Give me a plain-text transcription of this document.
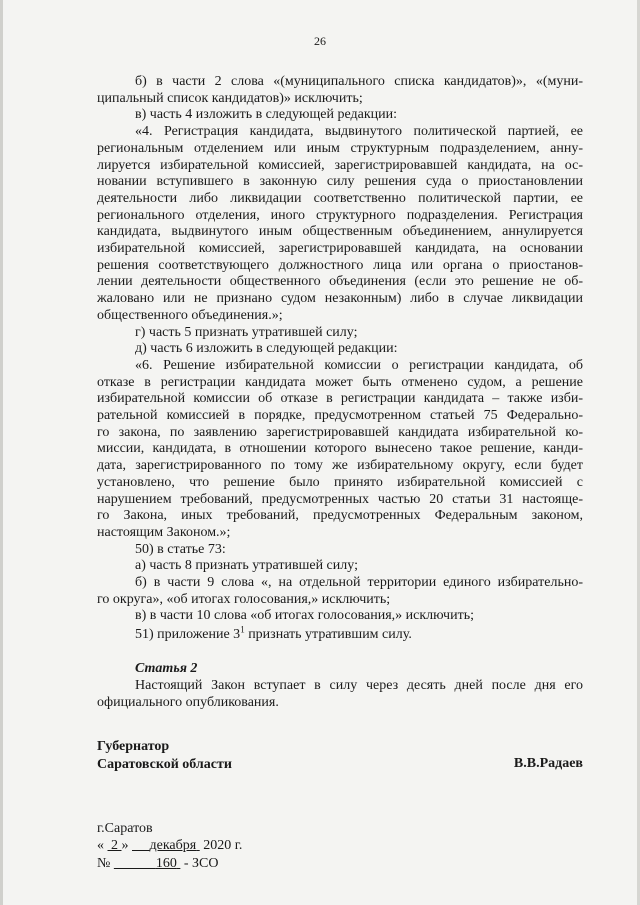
26
б) в части 2 слова «(муниципального списка кандидатов)», «(муни-
ципальный список кандидатов)» исключить;
в) часть 4 изложить в следующей редакции:
«4. Регистрация кандидата, выдвинутого политической партией, ее
региональным отделением или иным структурным подразделением, анну-
лируется избирательной комиссией, зарегистрировавшей кандидата, на ос-
новании вступившего в законную силу решения суда о приостановлении
деятельности либо ликвидации соответственно политической партии, ее
регионального отделения, иного структурного подразделения. Регистрация
кандидата, выдвинутого иным общественным объединением, аннулируется
избирательной комиссией, зарегистрировавшей кандидата, на основании
решения соответствующего должностного лица или органа о приостанов-
лении деятельности общественного объединения (если это решение не об-
жаловано или не признано судом незаконным) либо в случае ликвидации
общественного объединения.»;
г) часть 5 признать утратившей силу;
д) часть 6 изложить в следующей редакции:
«6. Решение избирательной комиссии о регистрации кандидата, об
отказе в регистрации кандидата может быть отменено судом, а решение
избирательной комиссии об отказе в регистрации кандидата – также изби-
рательной комиссией в порядке, предусмотренном статьей 75 Федерально-
го закона, по заявлению зарегистрировавшей кандидата избирательной ко-
миссии, кандидата, в отношении которого вынесено такое решение, канди-
дата, зарегистрированного по тому же избирательному округу, если будет
установлено, что решение было принято избирательной комиссией с
нарушением требований, предусмотренных частью 20 статьи 31 настояще-
го Закона, иных требований, предусмотренных Федеральным законом,
настоящим Законом.»;
50) в статье 73:
а) часть 8 признать утратившей силу;
б) в части 9 слова «, на отдельной территории единого избирательно-
го округа», «об итогах голосования,» исключить;
в) в части 10 слова «об итогах голосования,» исключить;
51) приложение $3^1$ признать утратившим силу.
Статья 2
Настоящий Закон вступает в силу через десять дней после дня его
официального опубликования.
Губернатор
Саратовской области	В.В.Радаев
г.Саратов
« 2 » декабря 2020 г.
№	160 - ЗСО
